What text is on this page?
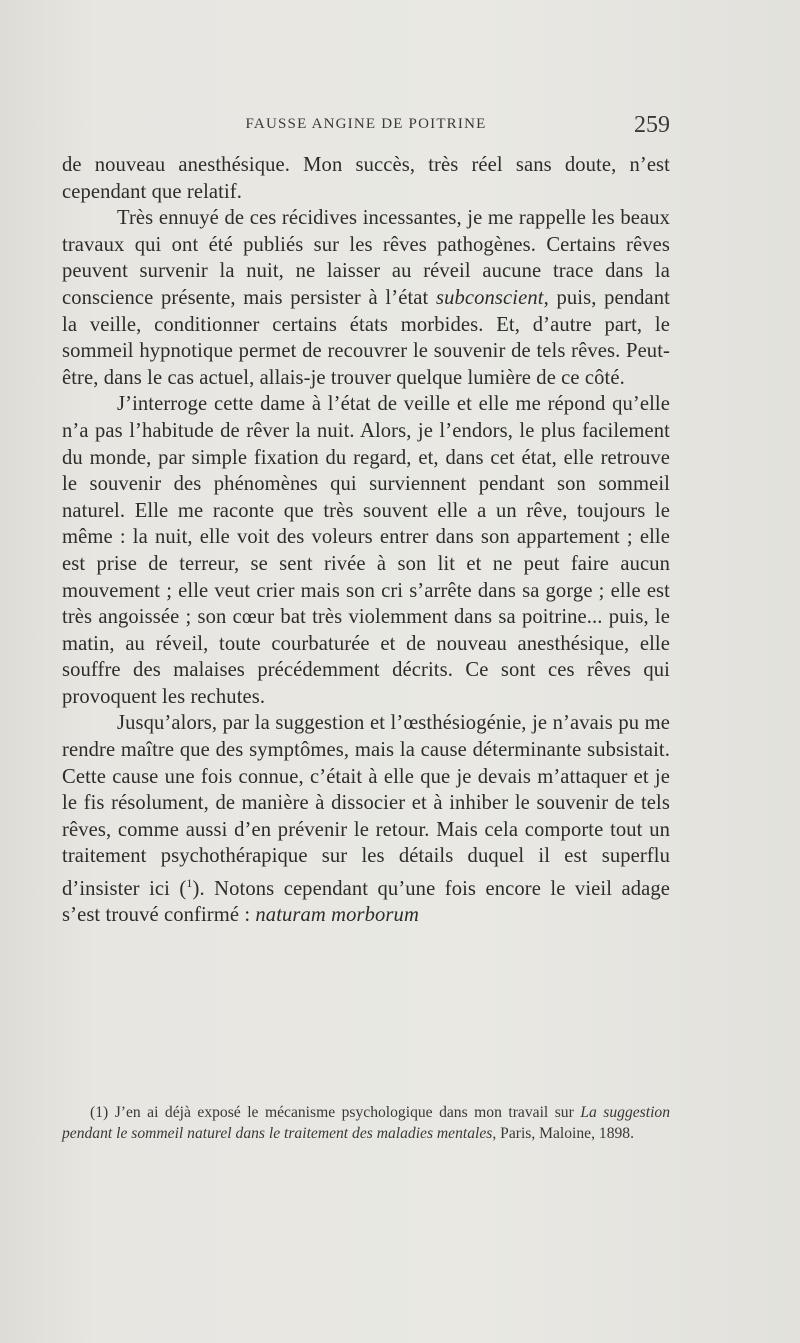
FAUSSE ANGINE DE POITRINE	259

de nouveau anesthésique. Mon succès, très réel sans doute, n’est cependant que relatif.

Très ennuyé de ces récidives incessantes, je me rappelle les beaux travaux qui ont été publiés sur les rêves pathogènes. Certains rêves peuvent survenir la nuit, ne laisser au réveil aucune trace dans la conscience présente, mais persister à l’état subconscient, puis, pendant la veille, conditionner certains états morbides. Et, d’autre part, le sommeil hypnotique permet de recouvrer le souvenir de tels rêves. Peut-être, dans le cas actuel, allais-je trouver quelque lumière de ce côté.

J’interroge cette dame à l’état de veille et elle me répond qu’elle n’a pas l’habitude de rêver la nuit. Alors, je l’endors, le plus facilement du monde, par simple fixation du regard, et, dans cet état, elle retrouve le souvenir des phénomènes qui surviennent pendant son sommeil naturel. Elle me raconte que très souvent elle a un rêve, toujours le même : la nuit, elle voit des voleurs entrer dans son appartement ; elle est prise de terreur, se sent rivée à son lit et ne peut faire aucun mouvement ; elle veut crier mais son cri s’arrête dans sa gorge ; elle est très angoissée ; son cœur bat très violemment dans sa poitrine... puis, le matin, au réveil, toute courbaturée et de nouveau anesthésique, elle souffre des malaises précédemment décrits. Ce sont ces rêves qui provoquent les rechutes.

Jusqu’alors, par la suggestion et l’œsthésiogénie, je n’avais pu me rendre maître que des symptômes, mais la cause déterminante subsistait. Cette cause une fois connue, c’était à elle que je devais m’attaquer et je le fis résolument, de manière à dissocier et à inhiber le souvenir de tels rêves, comme aussi d’en prévenir le retour. Mais cela comporte tout un traitement psychothérapique sur les détails duquel il est superflu d’insister ici ($^1$). Notons cependant qu’une fois encore le vieil adage s’est trouvé confirmé : naturam morborum

(1) J’en ai déjà exposé le mécanisme psychologique dans mon travail sur La suggestion pendant le sommeil naturel dans le traitement des maladies mentales, Paris, Maloine, 1898.
